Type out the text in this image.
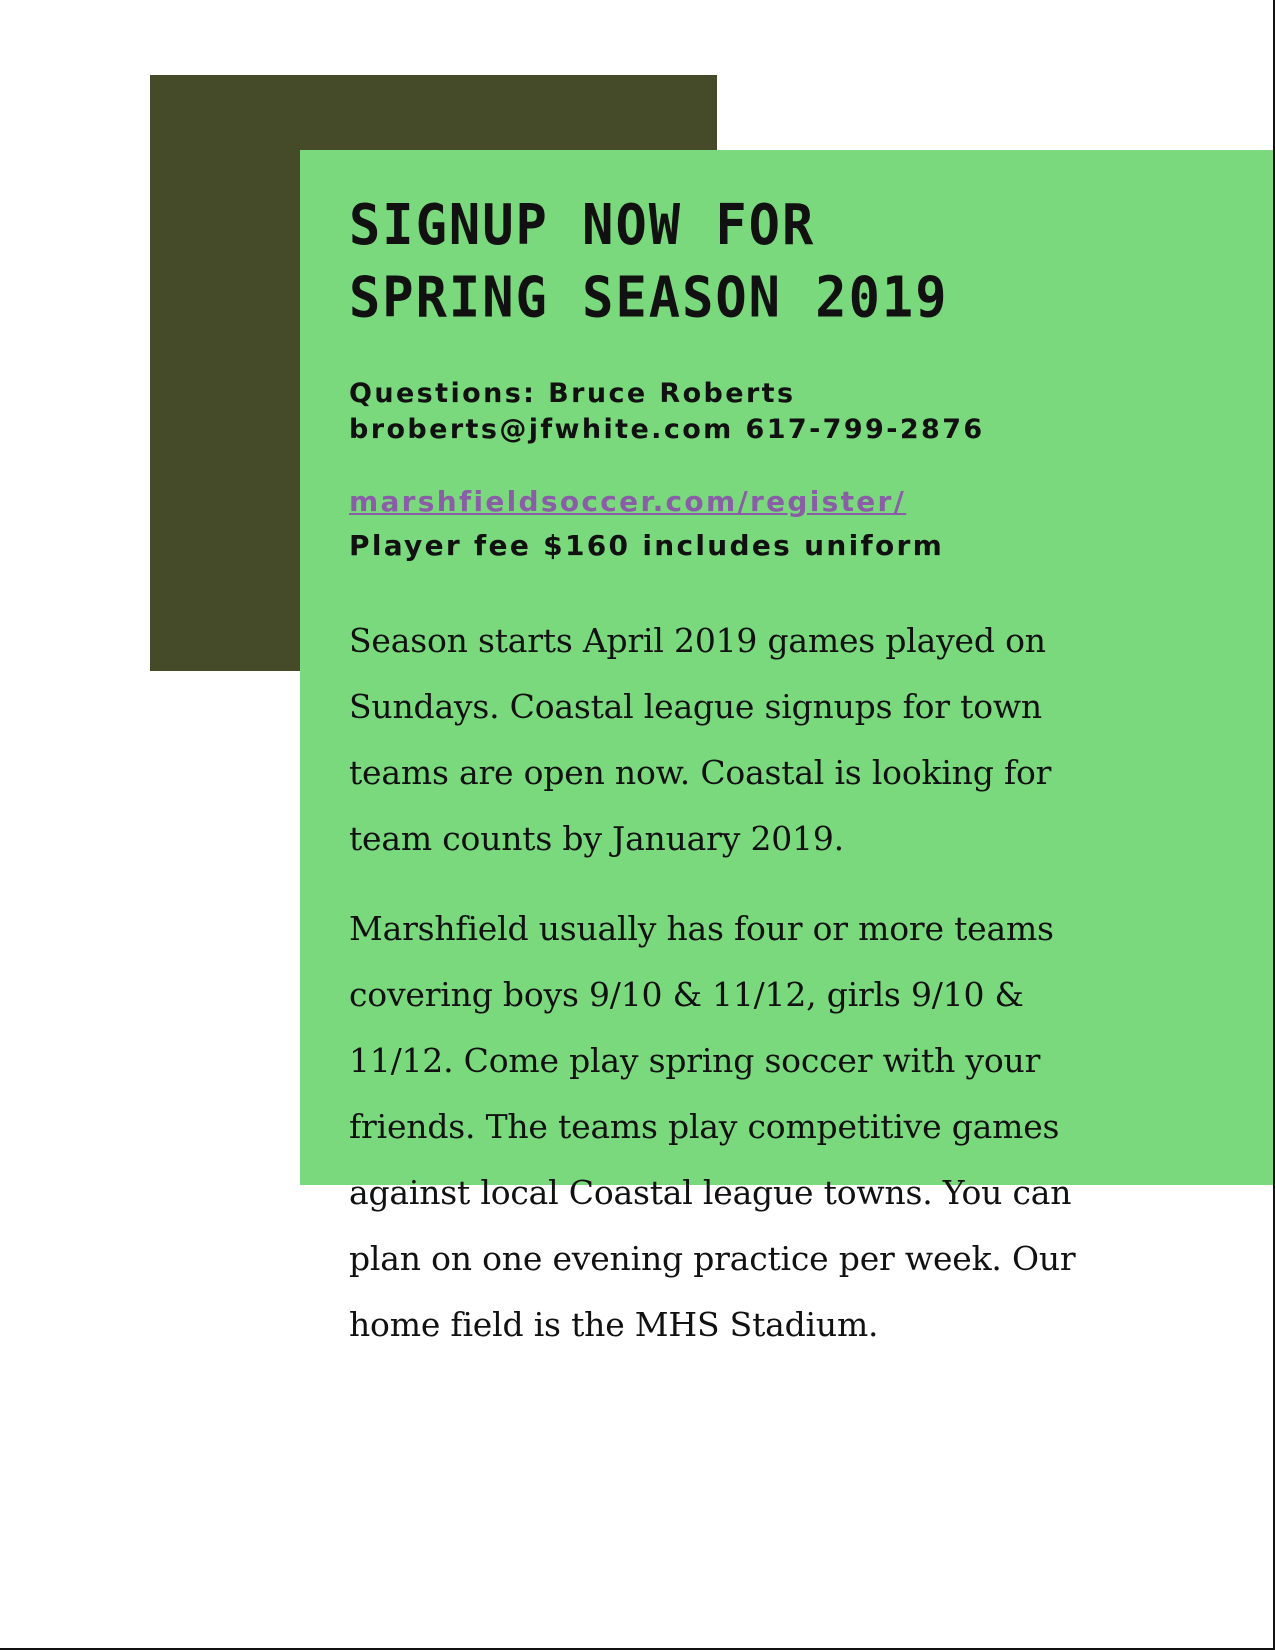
SIGNUP NOW FOR
SPRING SEASON 2019
Questions: Bruce Roberts
broberts@jfwhite.com 617-799-2876
marshfieldsoccer.com/register/
Player fee $160 includes uniform

Season starts April 2019 games played on Sundays. Coastal league signups for town teams are open now. Coastal is looking for team counts by January 2019.

Marshfield usually has four or more teams covering boys 9/10 & 11/12, girls 9/10 & 11/12. Come play spring soccer with your friends. The teams play competitive games against local Coastal league towns. You can plan on one evening practice per week. Our home field is the MHS Stadium.
